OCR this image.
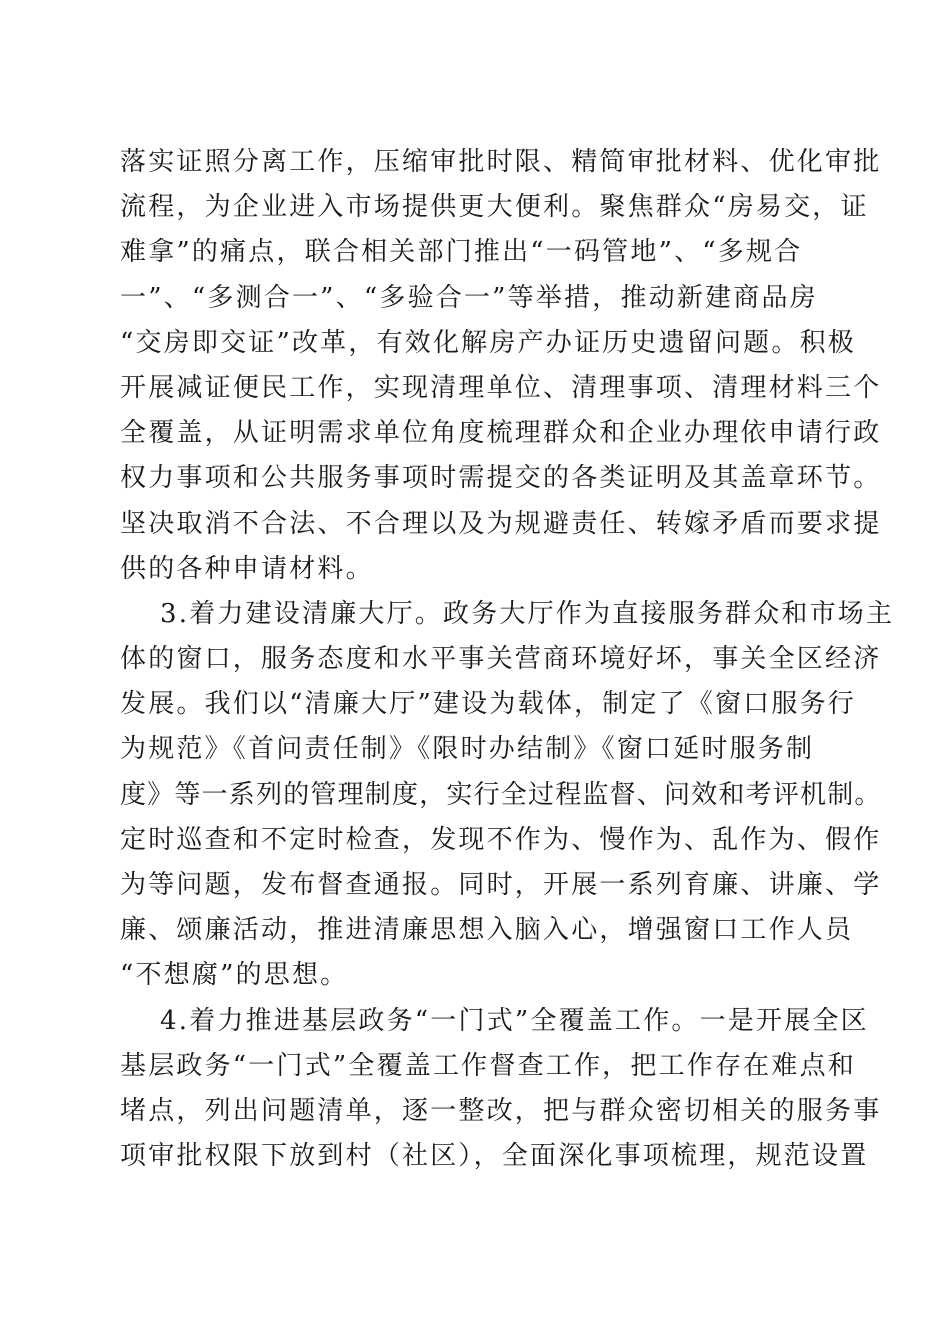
落实证照分离工作，压缩审批时限、精简审批材料、优化审批
流程，为企业进入市场提供更大便利。聚焦群众“房易交，证
难拿”的痛点，联合相关部门推出“一码管地”、“多规合
一”、“多测合一”、“多验合一”等举措，推动新建商品房
“交房即交证”改革，有效化解房产办证历史遗留问题。积极
开展减证便民工作，实现清理单位、清理事项、清理材料三个
全覆盖，从证明需求单位角度梳理群众和企业办理依申请行政
权力事项和公共服务事项时需提交的各类证明及其盖章环节。
坚决取消不合法、不合理以及为规避责任、转嫁矛盾而要求提
供的各种申请材料。
3.着力建设清廉大厅。政务大厅作为直接服务群众和市场主
体的窗口，服务态度和水平事关营商环境好坏，事关全区经济
发展。我们以“清廉大厅”建设为载体，制定了《窗口服务行
为规范》《首问责任制》《限时办结制》《窗口延时服务制
度》等一系列的管理制度，实行全过程监督、问效和考评机制。
定时巡查和不定时检查，发现不作为、慢作为、乱作为、假作
为等问题，发布督查通报。同时，开展一系列育廉、讲廉、学
廉、颂廉活动，推进清廉思想入脑入心，增强窗口工作人员
“不想腐”的思想。
4.着力推进基层政务“一门式”全覆盖工作。一是开展全区
基层政务“一门式”全覆盖工作督查工作，把工作存在难点和
堵点，列出问题清单，逐一整改，把与群众密切相关的服务事
项审批权限下放到村（社区），全面深化事项梳理，规范设置
